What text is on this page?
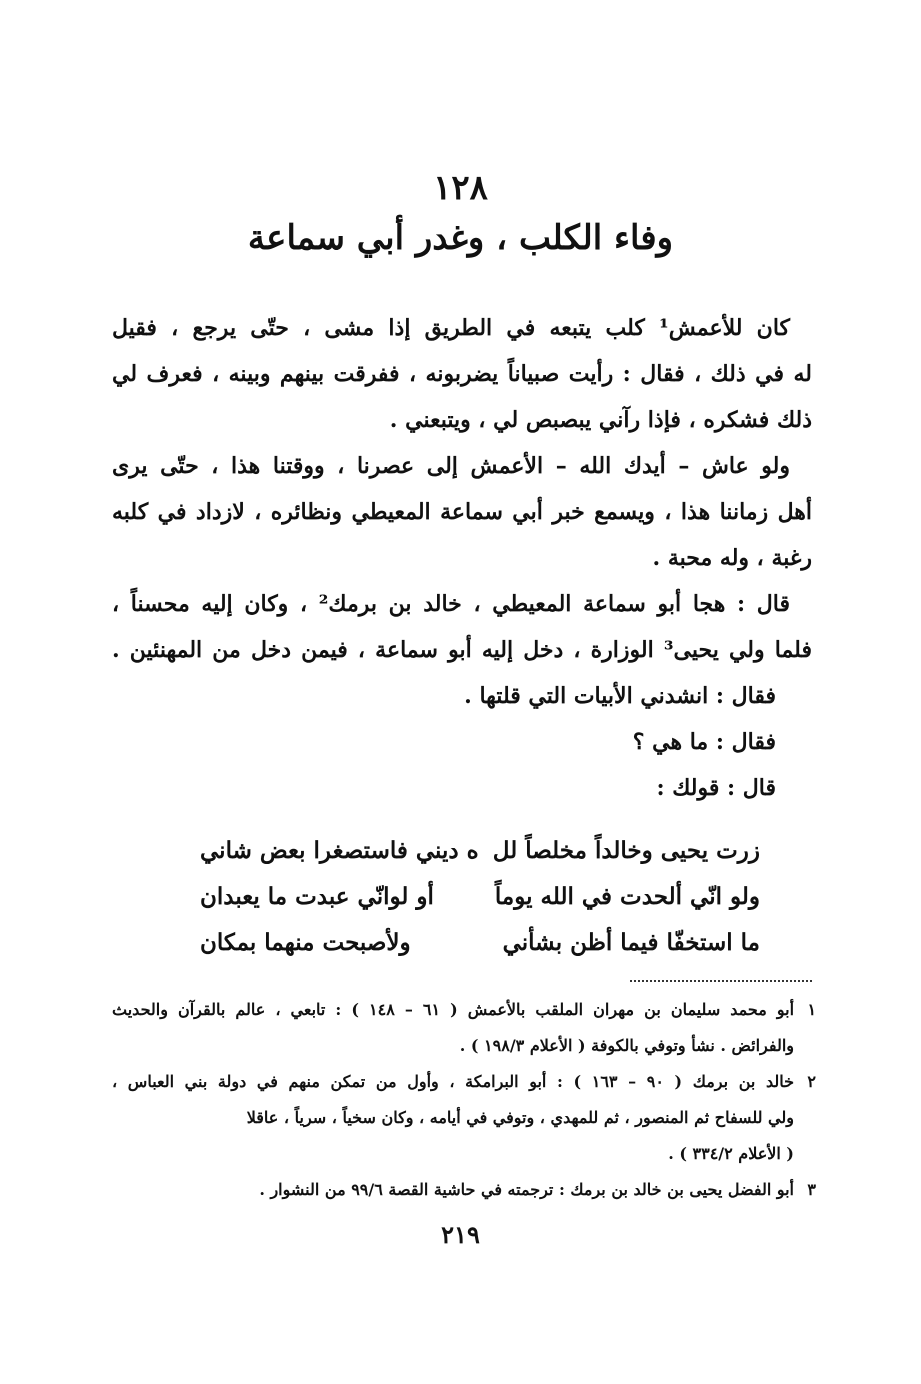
١٢٨
وفاء الكلب ، وغدر أبي سماعة
كان للأعمش¹ كلب يتبعه في الطريق إذا مشى ، حتّى يرجع ، فقيل
له في ذلك ، فقال : رأيت صبياناً يضربونه ، ففرقت بينهم وبينه ، فعرف لي
ذلك فشكره ، فإذا رآني يبصبص لي ، ويتبعني .
ولو عاش – أيدك الله – الأعمش إلى عصرنا ، ووقتنا هذا ، حتّى يرى
أهل زماننا هذا ، ويسمع خبر أبي سماعة المعيطي ونظائره ، لازداد في كلبه
رغبة ، وله محبة .
قال : هجا أبو سماعة المعيطي ، خالد بن برمك² ، وكان إليه محسناً ،
فلما ولي يحيى³ الوزارة ، دخل إليه أبو سماعة ، فيمن دخل من المهنئين .
فقال : انشدني الأبيات التي قلتها .
فقال : ما هي ؟
قال : قولك :
زرت يحيى وخالداً مخلصاً لل
ه ديني فاستصغرا بعض شاني
ولو انّي ألحدت في الله يوماً
أو لوانّي عبدت ما يعبدان
ما استخفّا فيما أظن بشأني
ولأصبحت منهما بمكان
١أبو محمد سليمان بن مهران الملقب بالأعمش ( ٦١ – ١٤٨ ) : تابعي ، عالم بالقرآن والحديث
والفرائض . نشأ وتوفي بالكوفة ( الأعلام ١٩٨/٣ ) .
٢خالد بن برمك ( ٩٠ – ١٦٣ ) : أبو البرامكة ، وأول من تمكن منهم في دولة بني العباس ،
ولي للسفاح ثم المنصور ، ثم للمهدي ، وتوفي في أيامه ، وكان سخياً ، سرياً ، عاقلا
( الأعلام ٣٣٤/٢ ) .
٣أبو الفضل يحيى بن خالد بن برمك : ترجمته في حاشية القصة ٩٩/٦ من النشوار .
٢١٩
